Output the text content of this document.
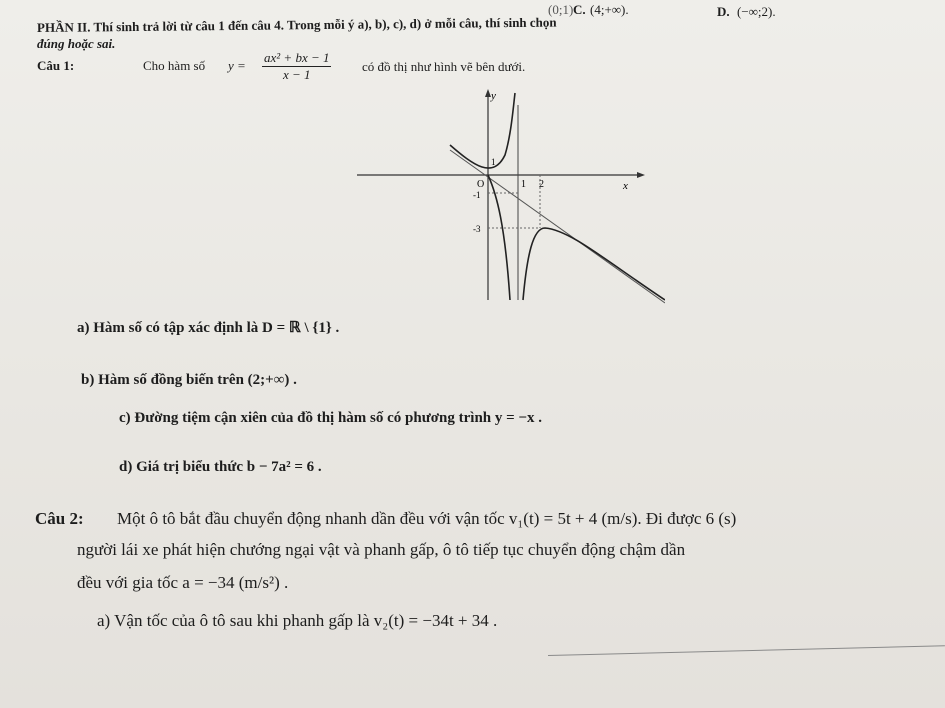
(0;1) C. (4;+∞).	D. (−∞;2).
PHẦN II. Thí sinh trả lời từ câu 1 đến câu 4. Trong mỗi ý a), b), c), d) ở mỗi câu, thí sinh chọn
đúng hoặc sai.
Câu 1:	Cho hàm số $y = \frac{\text{ax² + bx − 1}}{x - 1}$ có đồ thị như hình vẽ bên dưới.
x
y
O	1 2
1
-1
-3
a) Hàm số có tập xác định là D = ℝ \ {1} .
b) Hàm số đồng biến trên (2;+∞) .
c) Đường tiệm cận xiên của đồ thị hàm số có phương trình y = −x .
d) Giá trị biểu thức b − 7a² = 6 .
Câu 2: Một ô tô bắt đầu chuyển động nhanh dần đều với vận tốc v₁(t) = 5t + 4 (m/s). Đi được 6 (s)
người lái xe phát hiện chướng ngại vật và phanh gấp, ô tô tiếp tục chuyển động chậm dần
đều với gia tốc a = −34 (m/s²) .
a) Vận tốc của ô tô sau khi phanh gấp là v₂(t) = −34t + 34 .
